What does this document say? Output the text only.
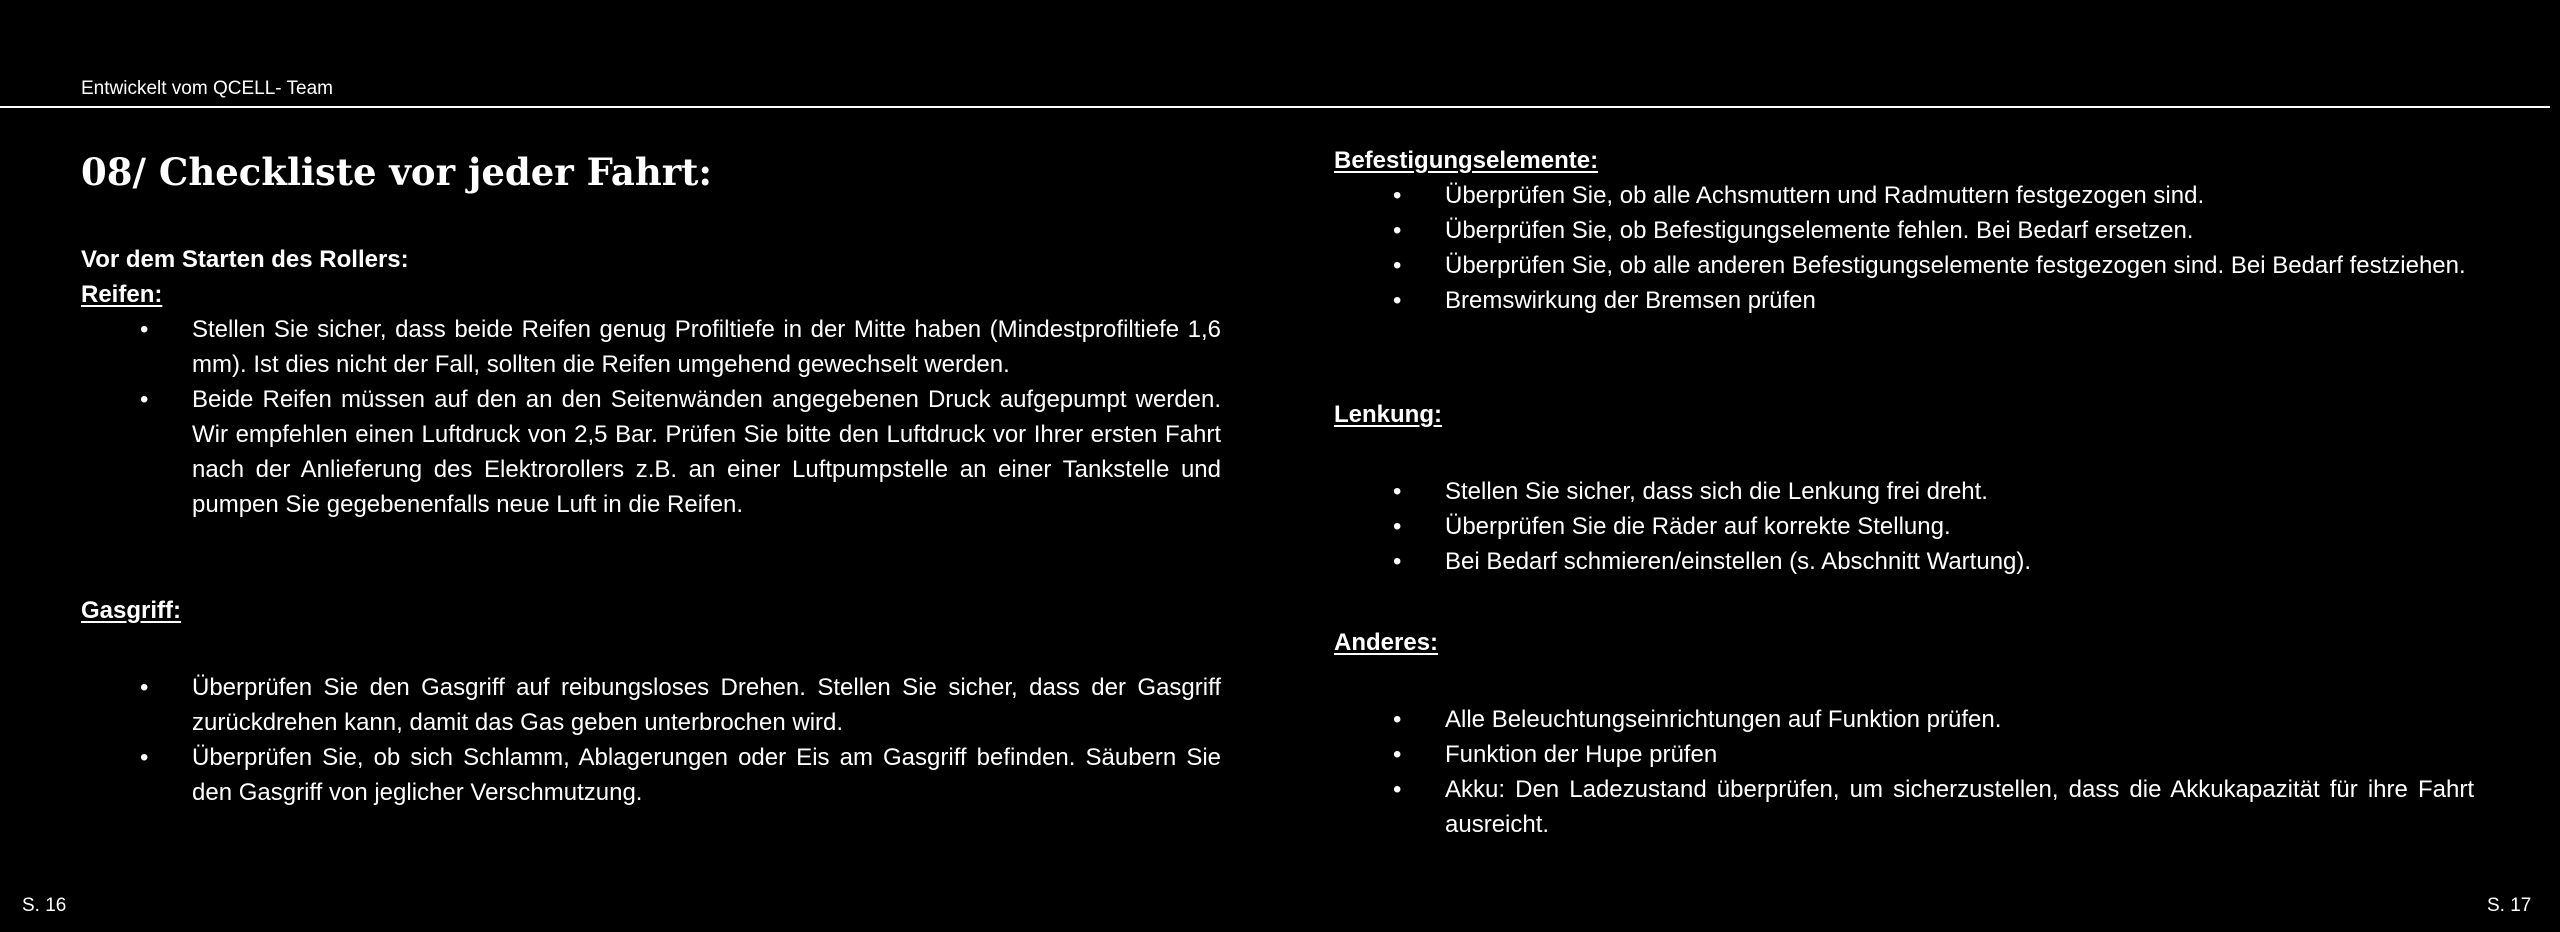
Entwickelt vom QCELL- Team
08/ Checkliste vor jeder Fahrt:
Vor dem Starten des Rollers:
Reifen:
• Stellen Sie sicher, dass beide Reifen genug Profiltiefe in der Mitte haben (Mindestprofiltiefe 1,6 mm). Ist dies nicht der Fall, sollten die Reifen umgehend gewechselt werden.
• Beide Reifen müssen auf den an den Seitenwänden angegebenen Druck aufgepumpt werden. Wir empfehlen einen Luftdruck von 2,5 Bar. Prüfen Sie bitte den Luftdruck vor Ihrer ersten Fahrt nach der Anlieferung des Elektrorollers z.B. an einer Luftpumpstelle an einer Tankstelle und pumpen Sie gegebenenfalls neue Luft in die Reifen.
Gasgriff:
• Überprüfen Sie den Gasgriff auf reibungsloses Drehen. Stellen Sie sicher, dass der Gasgriff zurückdrehen kann, damit das Gas geben unterbrochen wird.
• Überprüfen Sie, ob sich Schlamm, Ablagerungen oder Eis am Gasgriff befinden. Säubern Sie den Gasgriff von jeglicher Verschmutzung.
S. 16
Befestigungselemente:
• Überprüfen Sie, ob alle Achsmuttern und Radmuttern festgezogen sind.
• Überprüfen Sie, ob Befestigungselemente fehlen. Bei Bedarf ersetzen.
• Überprüfen Sie, ob alle anderen Befestigungselemente festgezogen sind. Bei Bedarf festziehen.
• Bremswirkung der Bremsen prüfen
Lenkung:
• Stellen Sie sicher, dass sich die Lenkung frei dreht.
• Überprüfen Sie die Räder auf korrekte Stellung.
• Bei Bedarf schmieren/einstellen (s. Abschnitt Wartung).
Anderes:
• Alle Beleuchtungseinrichtungen auf Funktion prüfen.
• Funktion der Hupe prüfen
• Akku: Den Ladezustand überprüfen, um sicherzustellen, dass die Akkukapazität für ihre Fahrt ausreicht.
S. 17
